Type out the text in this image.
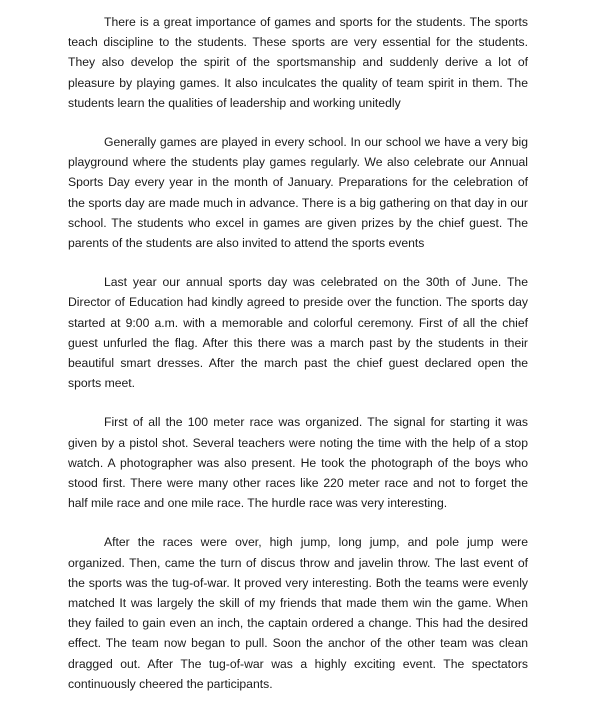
There is a great importance of games and sports for the students. The sports teach discipline to the students. These sports are very essential for the students. They also develop the spirit of the sportsmanship and suddenly derive a lot of pleasure by playing games. It also inculcates the quality of team spirit in them. The students learn the qualities of leadership and working unitedly

Generally games are played in every school. In our school we have a very big playground where the students play games regularly. We also celebrate our Annual Sports Day every year in the month of January. Preparations for the celebration of the sports day are made much in advance. There is a big gathering on that day in our school. The students who excel in games are given prizes by the chief guest. The parents of the students are also invited to attend the sports events

Last year our annual sports day was celebrated on the 30th of June. The Director of Education had kindly agreed to preside over the function. The sports day started at 9:00 a.m. with a memorable and colorful ceremony. First of all the chief guest unfurled the flag. After this there was a march past by the students in their beautiful smart dresses. After the march past the chief guest declared open the sports meet.

First of all the 100 meter race was organized. The signal for starting it was given by a pistol shot. Several teachers were noting the time with the help of a stop watch. A photographer was also present. He took the photograph of the boys who stood first. There were many other races like 220 meter race and not to forget the half mile race and one mile race. The hurdle race was very interesting.

After the races were over, high jump, long jump, and pole jump were organized. Then, came the turn of discus throw and javelin throw. The last event of the sports was the tug-of-war. It proved very interesting. Both the teams were evenly matched It was largely the skill of my friends that made them win the game. When they failed to gain even an inch, the captain ordered a change. This had the desired effect. The team now began to pull. Soon the anchor of the other team was clean dragged out. After The tug-of-war was a highly exciting event. The spectators continuously cheered the participants.
